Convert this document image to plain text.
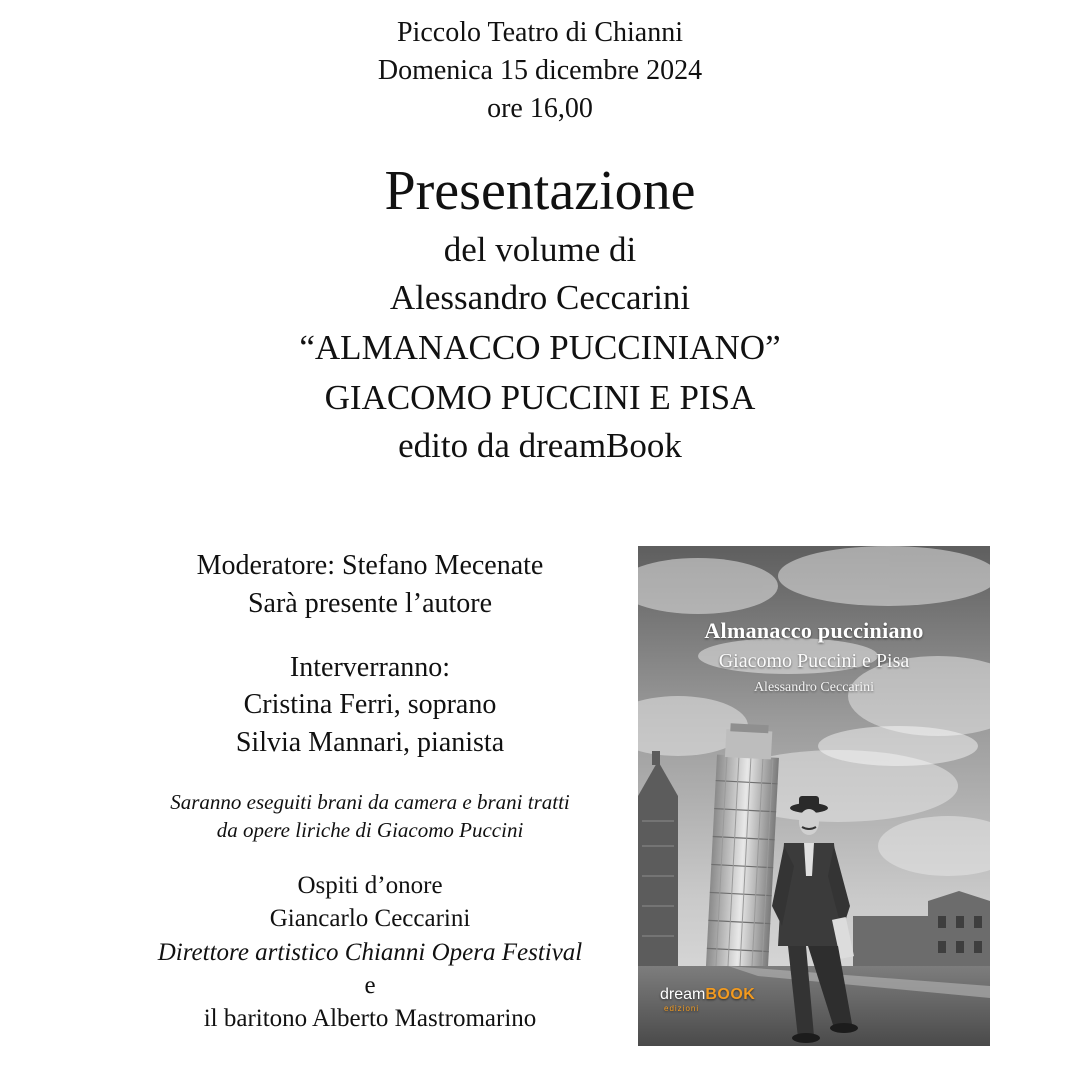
Piccolo Teatro di Chianni
Domenica 15 dicembre 2024
ore 16,00
Presentazione
del volume di
Alessandro Ceccarini
“ALMANACCO PUCCINIANO”
GIACOMO PUCCINI E PISA
edito da dreamBook
Moderatore: Stefano Mecenate
Sarà presente l’autore
Interverranno:
Cristina Ferri, soprano
Silvia Mannari, pianista
Saranno eseguiti brani da camera e brani tratti
da opere liriche di Giacomo Puccini
Ospiti d’onore
Giancarlo Ceccarini
Direttore artistico Chianni Opera Festival
e
il baritono Alberto Mastromarino
Almanacco pucciniano
Giacomo Puccini e Pisa
Alessandro Ceccarini
dreamBOOK
edizioni
